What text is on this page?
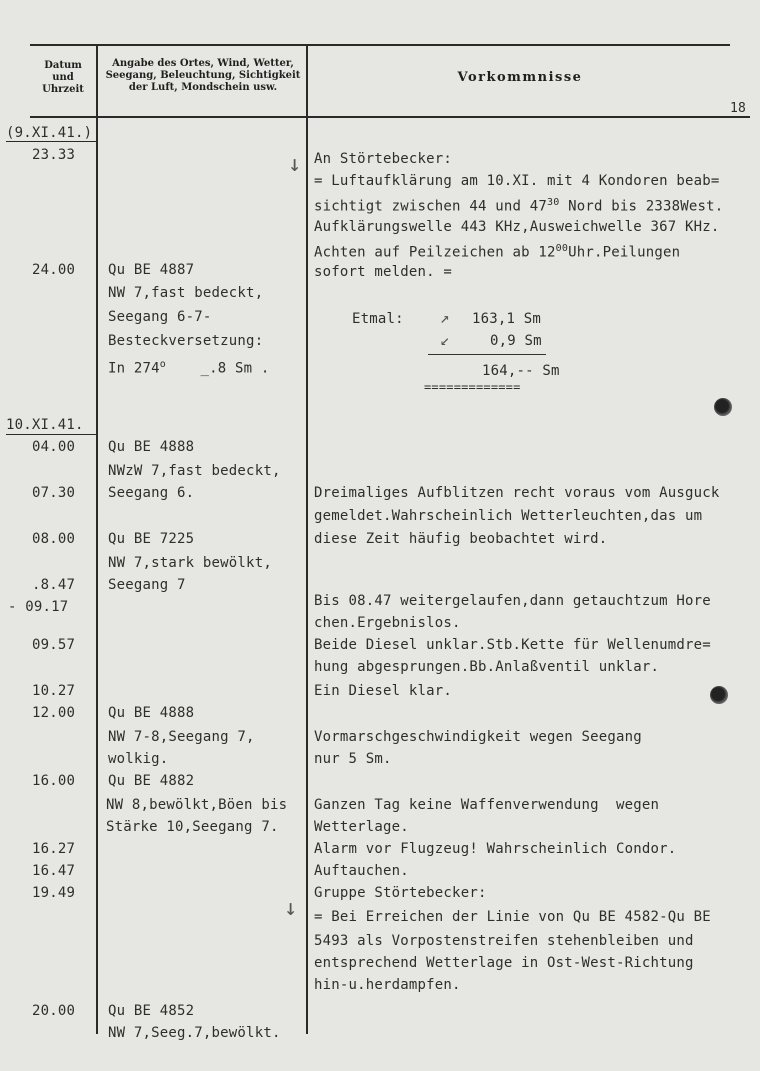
Datum
und
Uhrzeit
Angabe des Ortes, Wind, Wetter,
Seegang, Beleuchtung, Sichtigkeit
der Luft, Mondschein usw.
Vorkommnisse
18
(9.XI.41.)
23.33
24.00
10.XI.41.
04.00
07.30
08.00
.8.47
- 09.17
09.57
10.27
12.00
16.00
16.27
16.47
19.49
20.00
Qu BE 4887
NW 7,fast bedeckt,
Seegang 6-7-
Besteckversetzung:
In 274$^o$ _.8 Sm .
Qu BE 4888
NWzW 7,fast bedeckt,
Seegang 6.
Qu BE 7225
NW 7,stark bewölkt,
Seegang 7
Qu BE 4888
NW 7-8,Seegang 7,
wolkig.
Qu BE 4882
NW 8,bewölkt,Böen bis
Stärke 10,Seegang 7.
Qu BE 4852
NW 7,Seeg.7,bewölkt.
An Störtebecker:
= Luftaufklärung am 10.XI. mit 4 Kondoren beab=
sichtigt zwischen 44 und $47^{30}$ Nord bis 2338West.
Aufklärungswelle 443 KHz,Ausweichwelle 367 KHz.
Achten auf Peilzeichen ab $12^{00}Uhr.Peilungen$
sofort melden. =
Etmal: ↗ 163,1 Sm
↙	0,9 Sm
164,-- Sm
=============
Dreimaliges Aufblitzen recht voraus vom Ausguck
gemeldet.Wahrscheinlich Wetterleuchten,das um
diese Zeit häufig beobachtet wird.
Bis 08.47 weitergelaufen,dann getauchtzum Hore
chen.Ergebnislos.
Beide Diesel unklar.Stb.Kette für Wellenumdre=
hung abgesprungen.Bb.Anlaßventil unklar.
Ein Diesel klar.
Vormarschgeschwindigkeit wegen Seegang
nur 5 Sm.
Ganzen Tag keine Waffenverwendung  wegen
Wetterlage.
Alarm vor Flugzeug! Wahrscheinlich Condor.
Auftauchen.
Gruppe Störtebecker:
= Bei Erreichen der Linie von Qu BE 4582-Qu BE
5493 als Vorpostenstreifen stehenbleiben und
entsprechend Wetterlage in Ost-West-Richtung
hin-u.herdampfen.
↓
↓
